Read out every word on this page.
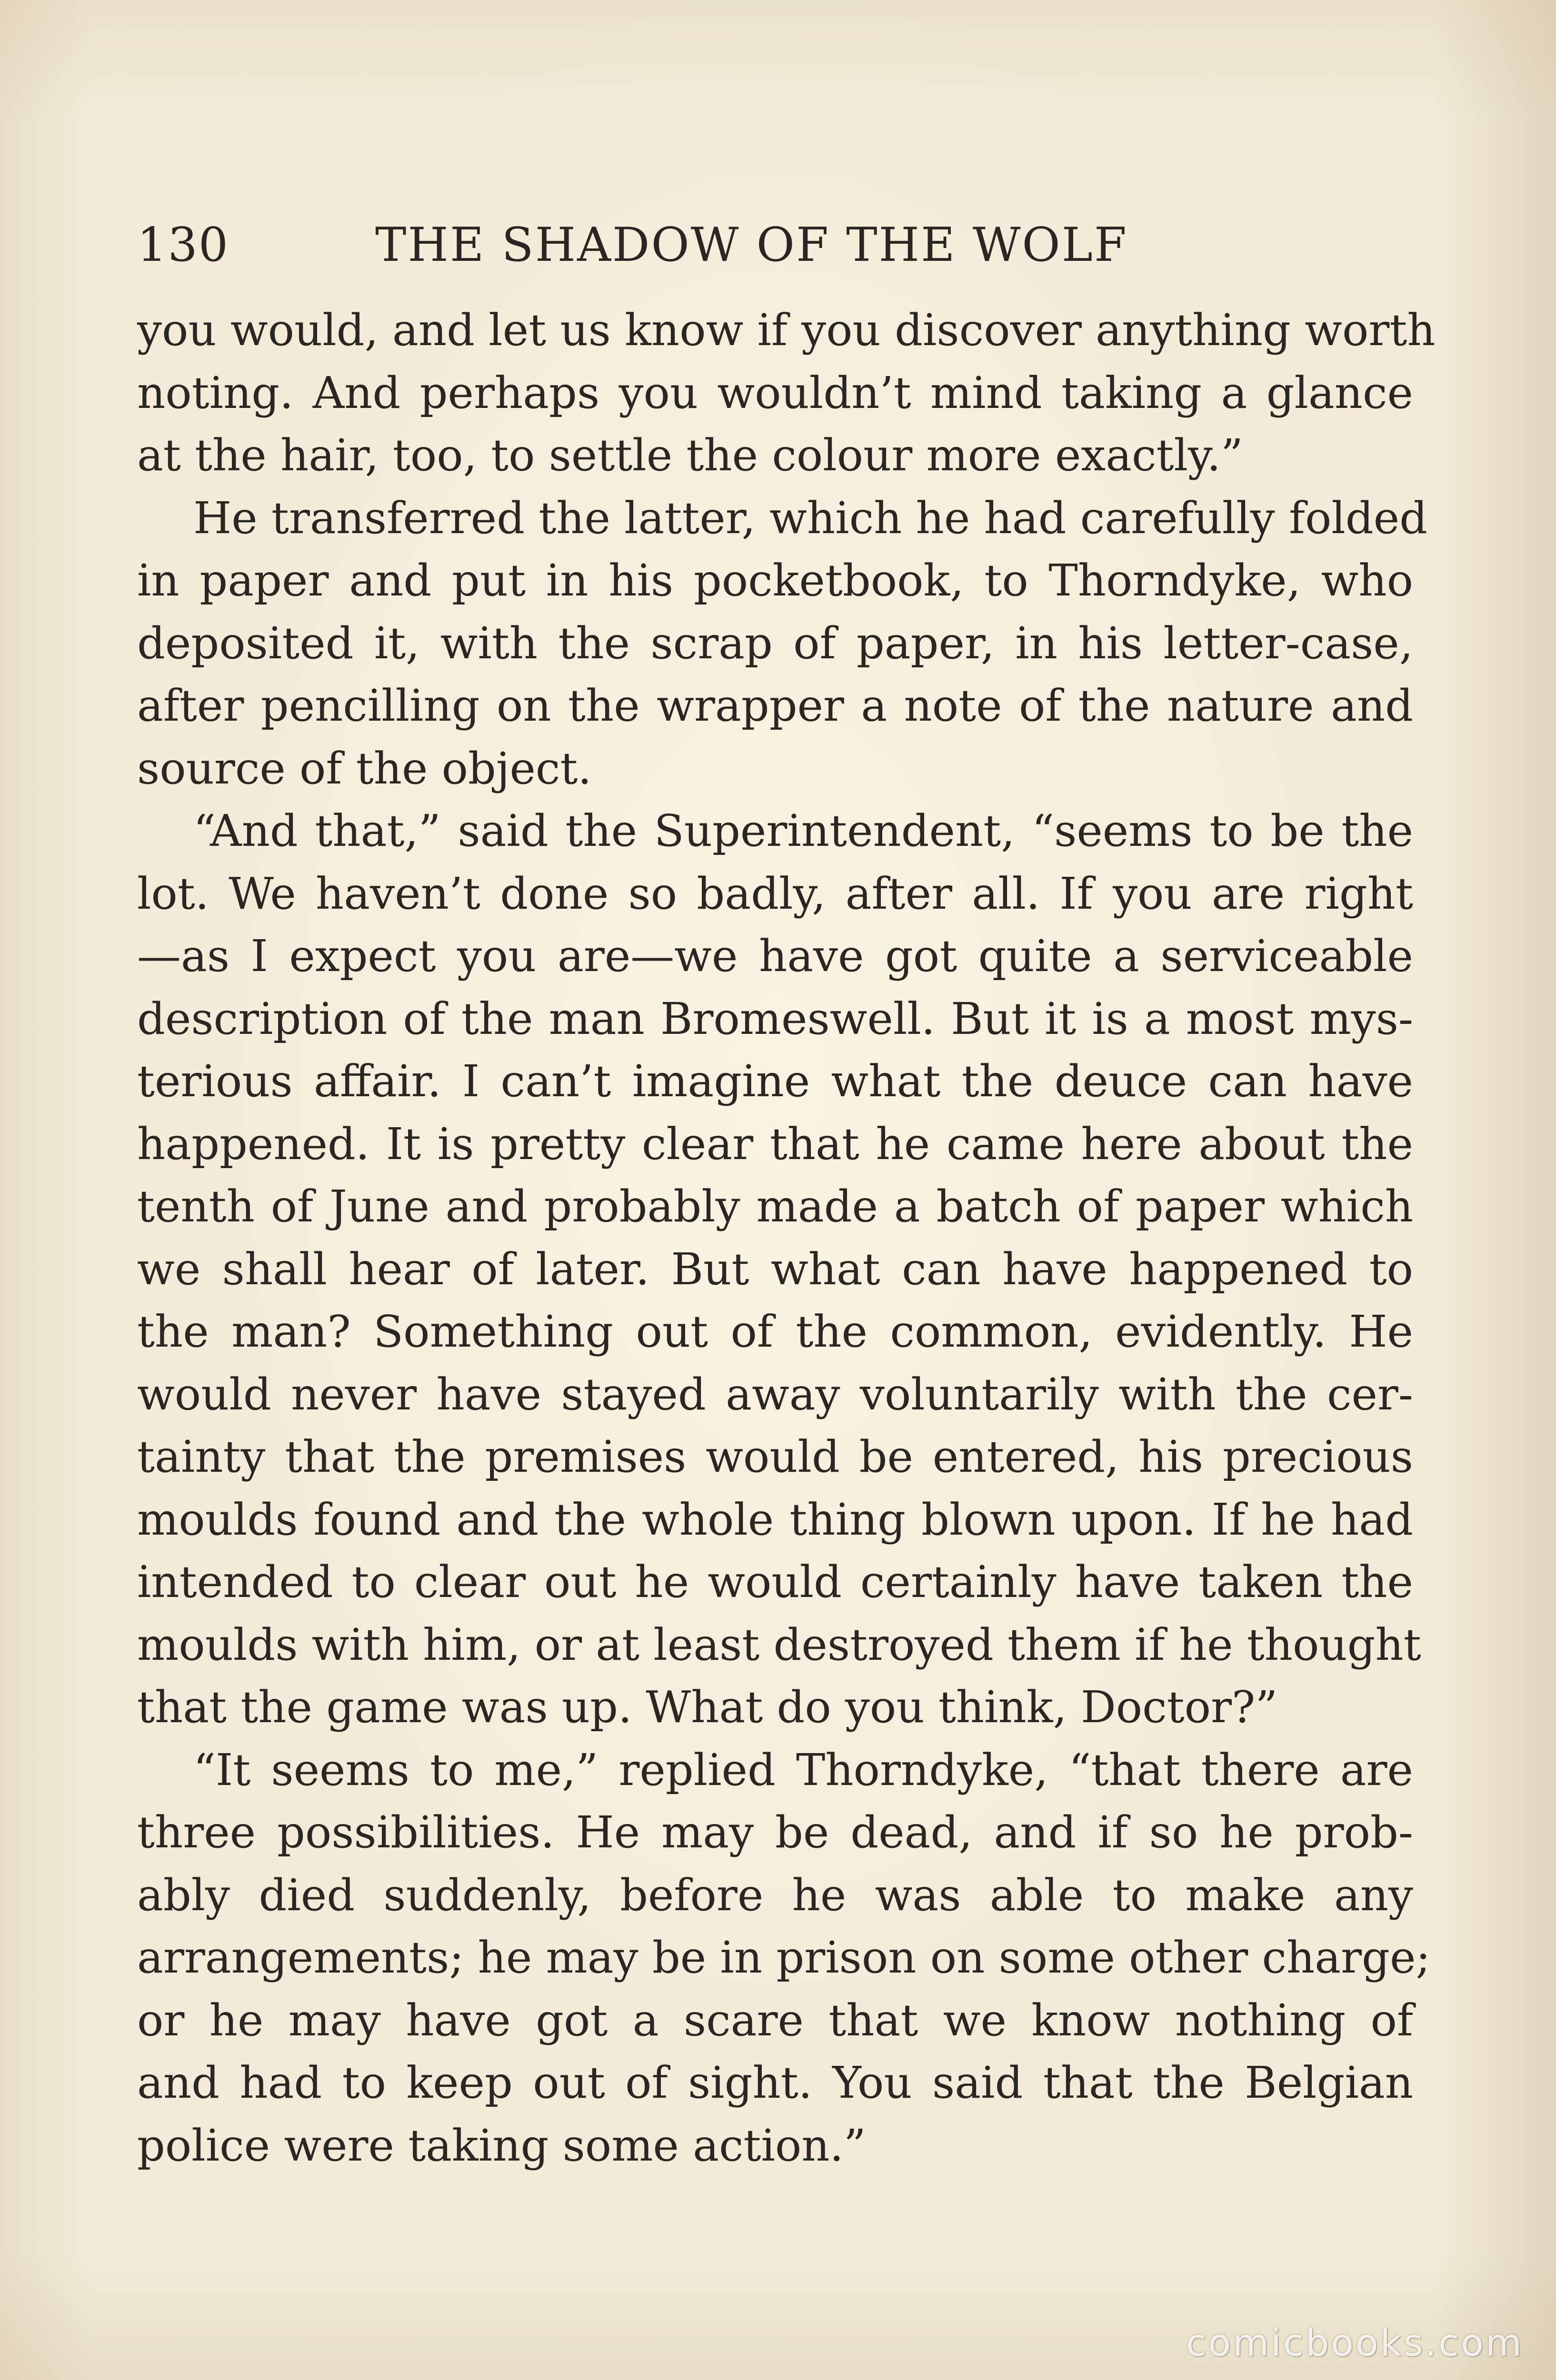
130	THE SHADOW OF THE WOLF
you would, and let us know if you discover anything worth
noting. And perhaps you wouldn’t mind taking a glance
at the hair, too, to settle the colour more exactly.”
He transferred the latter, which he had carefully folded
in paper and put in his pocketbook, to Thorndyke, who
deposited it, with the scrap of paper, in his letter-case,
after pencilling on the wrapper a note of the nature and
source of the object.
“And that,” said the Superintendent, “seems to be the
lot. We haven’t done so badly, after all. If you are right
—as I expect you are—we have got quite a serviceable
description of the man Bromeswell. But it is a most mys-
terious affair. I can’t imagine what the deuce can have
happened. It is pretty clear that he came here about the
tenth of June and probably made a batch of paper which
we shall hear of later. But what can have happened to
the man? Something out of the common, evidently. He
would never have stayed away voluntarily with the cer-
tainty that the premises would be entered, his precious
moulds found and the whole thing blown upon. If he had
intended to clear out he would certainly have taken the
moulds with him, or at least destroyed them if he thought
that the game was up. What do you think, Doctor?”
“It seems to me,” replied Thorndyke, “that there are
three possibilities. He may be dead, and if so he prob-
ably died suddenly, before he was able to make any
arrangements; he may be in prison on some other charge;
or he may have got a scare that we know nothing of
and had to keep out of sight. You said that the Belgian
police were taking some action.”
comicbooks.com
